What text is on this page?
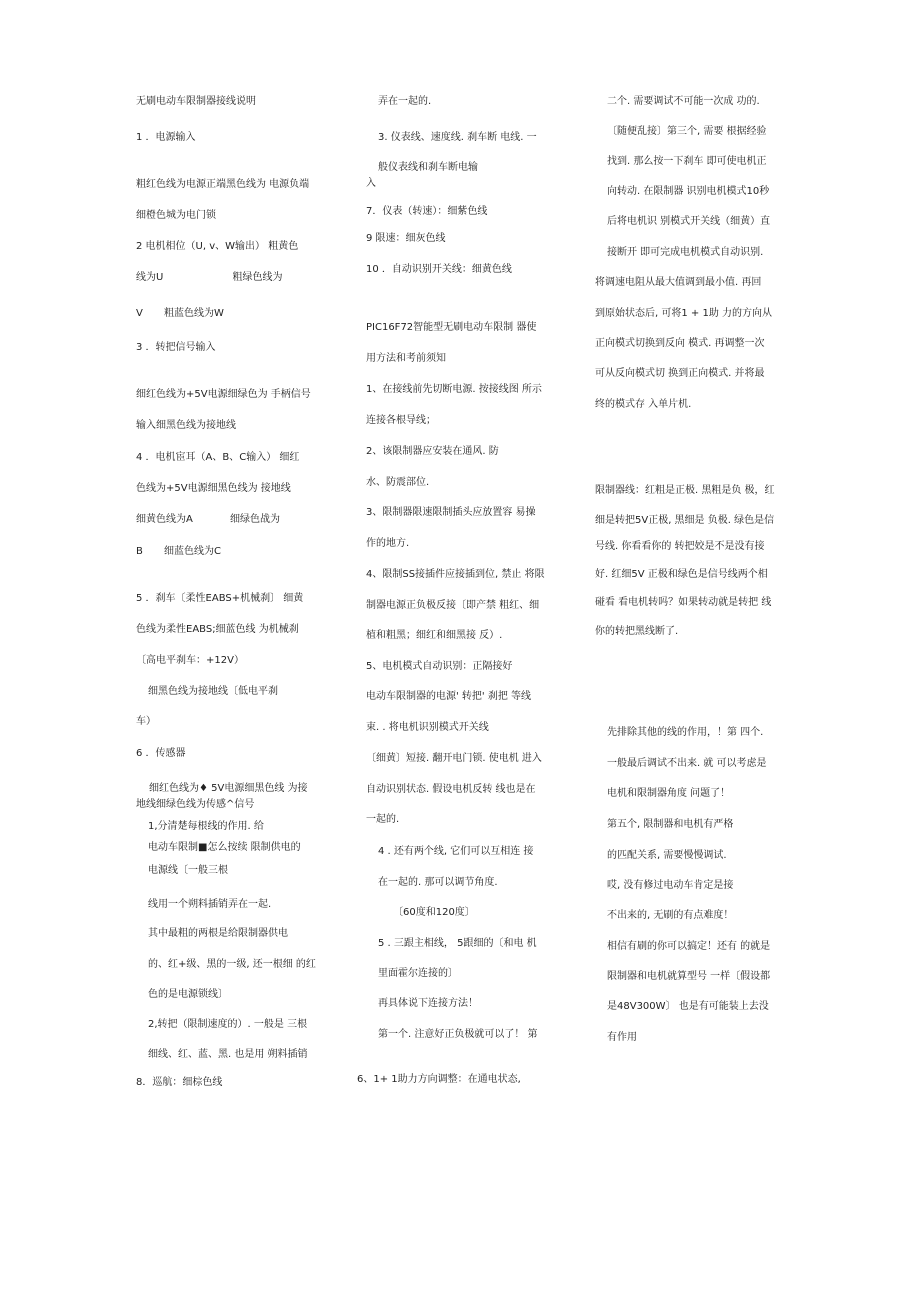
无刷电动车限制器接线说明
1 ．电源输入
粗红色线为电源正端黑色线为 电源负端
细橙色城为电门锁
2 电机相位（U, v、W输出） 粗黄色
线为U 粗绿色线为
V 粗蓝色线为W
3 ．转把信号输入
细红色线为+5V电源细绿色为 手柄信号
输入细黑色线为接地线
4 ．电机宦耳（A、B、C输入） 细红
色线为+5V电源细黑色线为 接地线
细黄色线为A 细绿色战为
B 细蓝色线为C
5 ．刹车〔柔性EABS+机械刹〕 细黄
色线为柔性EABS;细蓝色线 为机械刹
〔高电平刹车：+12V）
细黑色线为接地线〔低电平刹
车）
6 ．传感器
细红色线为♦ 5V电源细黑色线 为接
地线细绿色线为传感^信号
1,分清楚每根线的作用. 给
电动车限制■怎么按续 限制供电的
电源线〔一般三根
线用一个朔料插销弄在一起.
其中最粗的两根是给限制器供电
的、红+级、黑的一级, 还一根细 的红
色的是电源锁线〕
2,转把（限制速度的）. 一般是 三根
细线、红、蓝、黑. 也是用 朔料插销
8．巡航：细棕色线
弄在一起的.
3. 仪表线、速度线. 刹车断 电线. 一
般仪表线和刹车断电输
入
7．仪表（转速）：细紫色线
9 限速：细灰色线
10 ．自动识别开关线：细黄色线
PIC16F72智能型无刷电动车限制 器使
用方法和考前须知
1、在接线前先切断电源. 按接线图 所示
连接各根导线；
2、该限制器应安装在通风. 防
水、防震部位.
3、限制器限速限制插头应放置容 易操
作的地方.
4、限制SS接插件应接插到位, 禁止 将限
制器电源正负极反接〔即产禁 粗红、细
植和粗黑；细红和细黑接 反）.
5、电机模式自动识别：正隔接好
电动车限制器的电源' 转把' 刹把 等线
束. . 将电机识别模式开关线
〔细黄〕短接. 翻开电门锁. 使电机 进入
自动识别状态. 假设电机反转 线也是在
一起的.
4 . 还有两个线, 它们可以互相连 接
在一起的. 那可以调节角度.
〔60度和120度〕
5 . 三跟主相线， 5跟细的〔和电 机
里面霍尔连接的〕
再具体说下连接方法！
第一个. 注意好正负极就可以了！ 第
6、1+ 1助力方向调整：在通电状态,
二个. 需要调试不可能一次成 功的.
〔随便乱接〕第三个, 需要 根据经验
找到. 那么按一下刹车 即可使电机正
向转动. 在限制器 识别电机模式10秒
后将电机识 别模式开关线（细黄）直
接断开 即可完成电机模式自动识别.
将调速电阻从最大值调到最小值. 再回
到原始状态后, 可将1 + 1助 力的方向从
正向模式切换到反向 模式. 再调整一次
可从反向模式切 换到正向模式. 并将最
终的模式存 入单片机.
限制器线：红粗是正极. 黑粗是负 极，红
细是转把5V正极, 黑细是 负极. 绿色是信
号线. 你看看你的 转把姣是不是没有接
好. 红细5V 正极和绿色是信号线两个相
碰看 看电机转吗？如果转动就是转把 线
你的转把黑线断了.
先排除其他的线的作用，！第 四个.
一般最后调试不出来. 就 可以考虑是
电机和限制器角度 问题了！
第五个, 限制器和电机有严格
的匹配关系, 需要慢慢调试.
哎, 没有修过电动车肯定是接
不出来的, 无刷的有点难度！
相信有刷的你可以搞定！还有 的就是
限制器和电机就算型号 一样〔假设都
是48V300W〕 也是有可能装上去没
有作用
